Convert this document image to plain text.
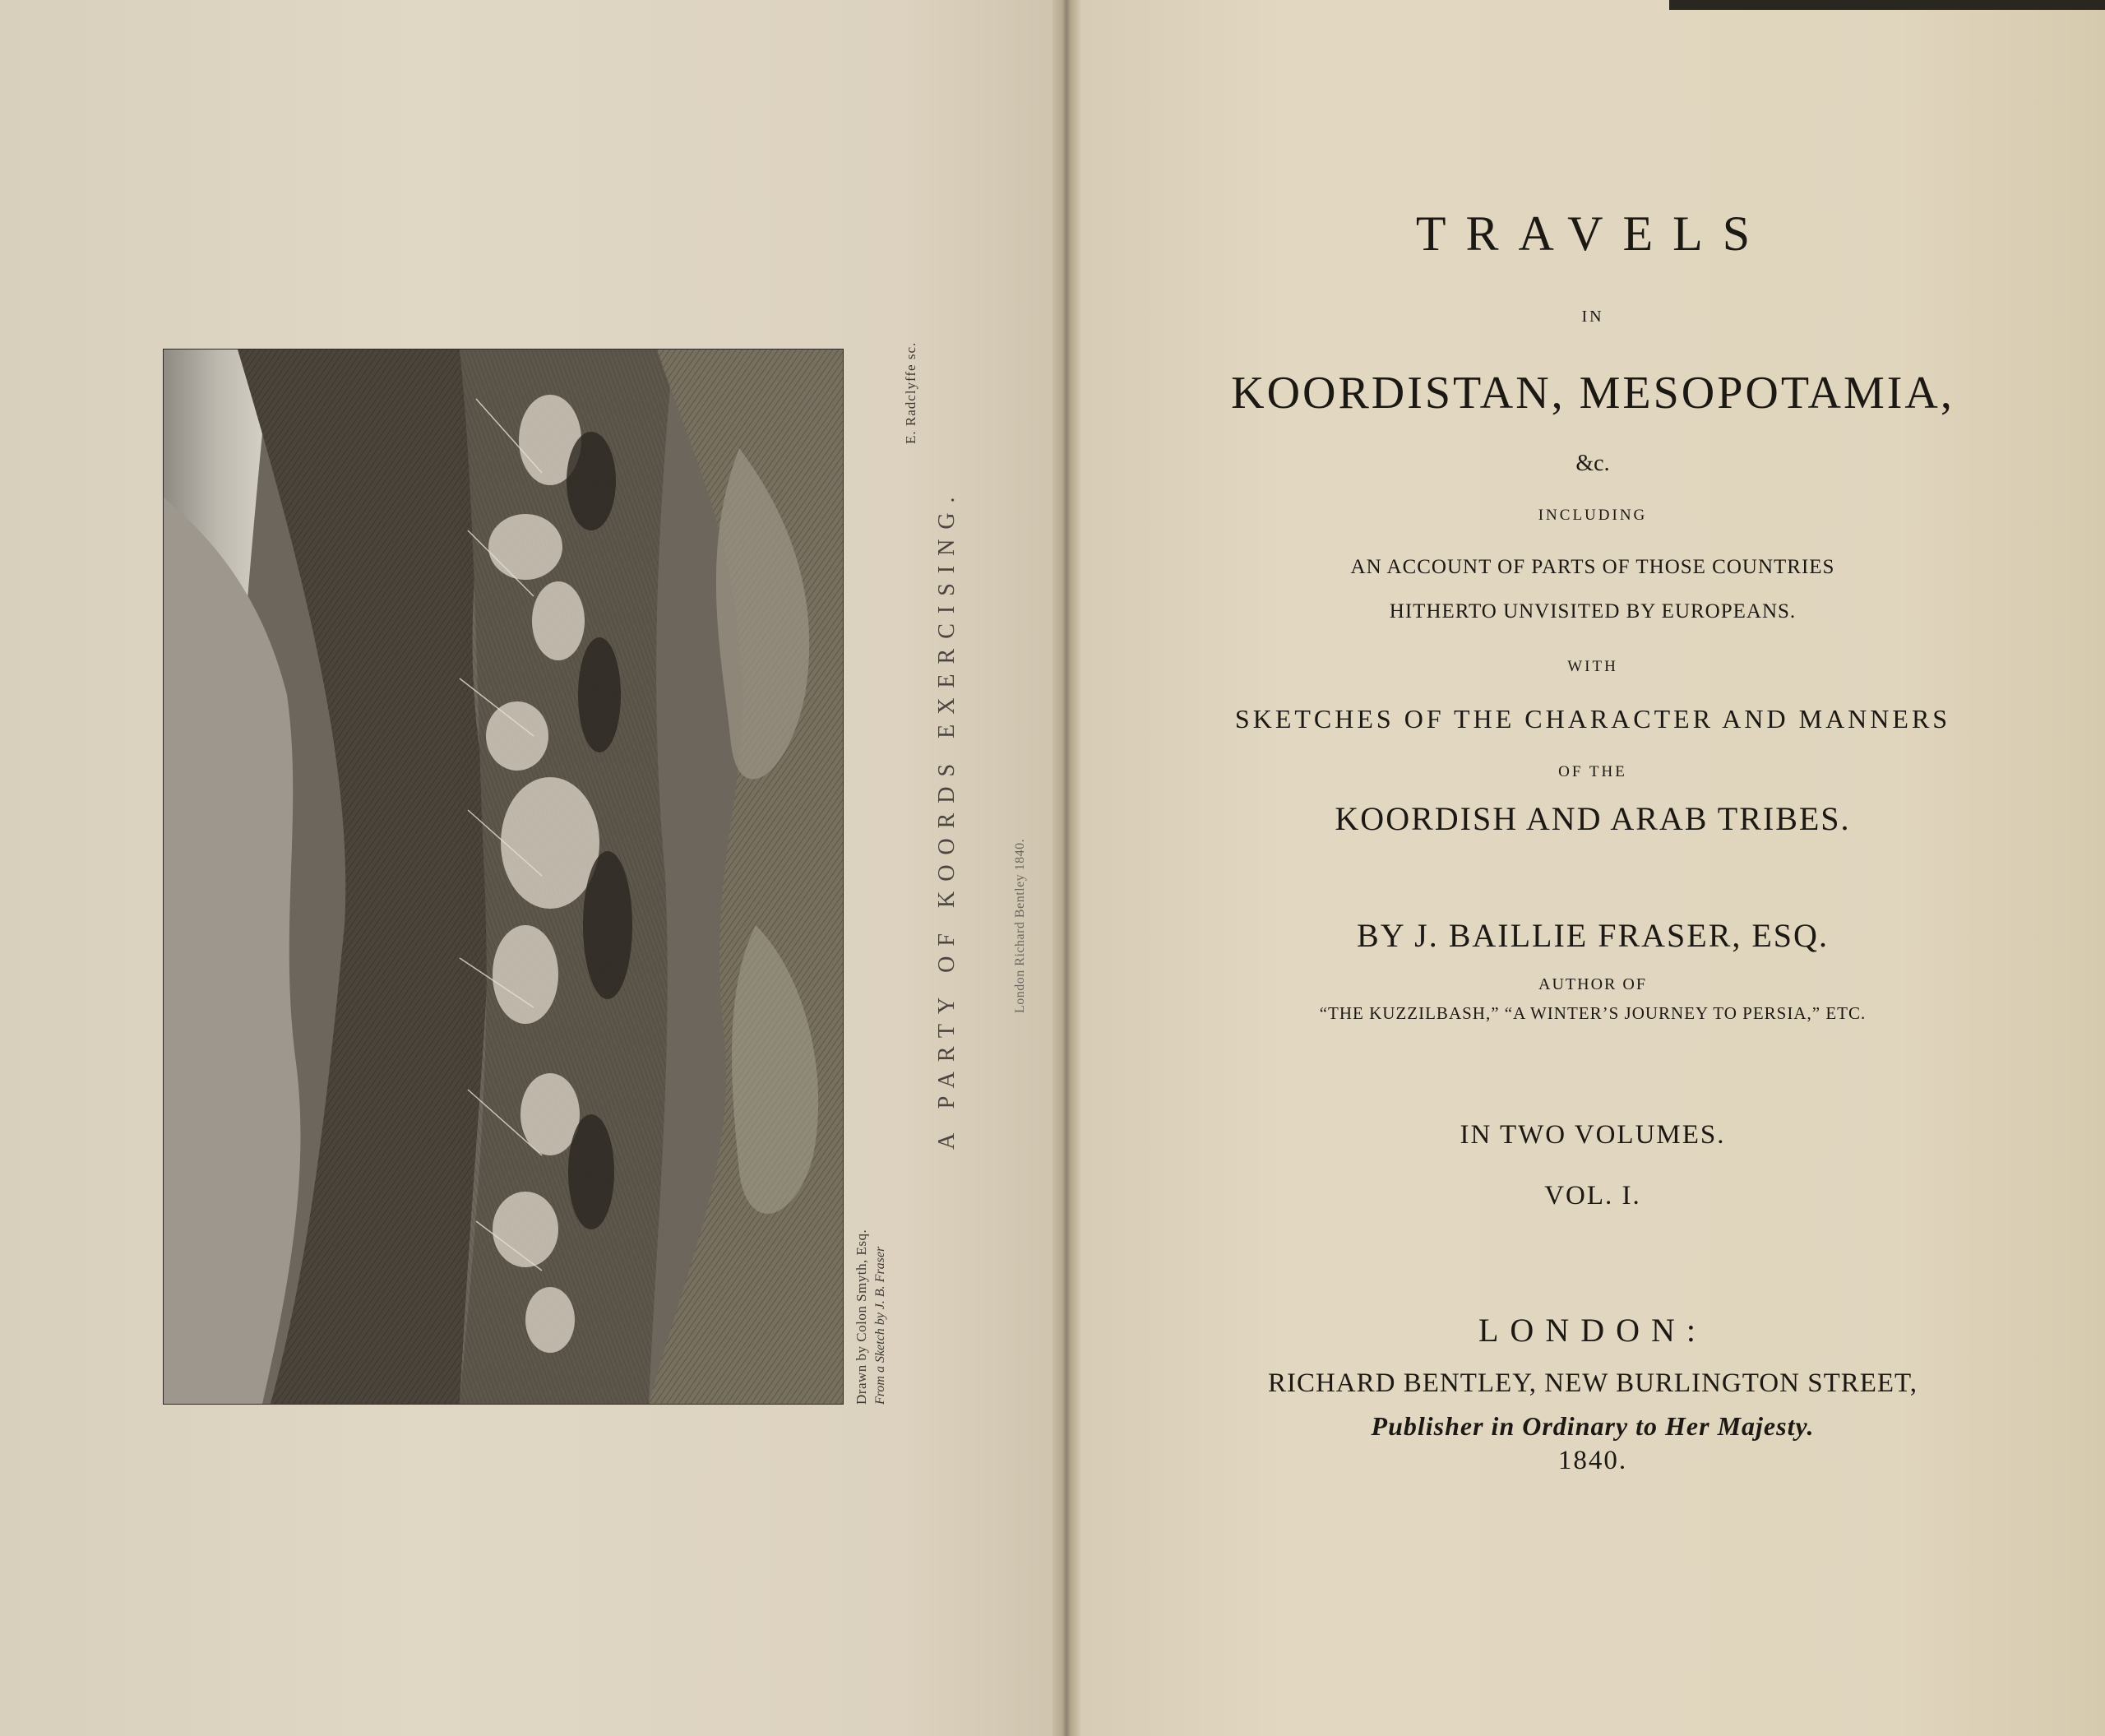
E. Radclyffe sc.
Drawn by Colon Smyth, Esq. From a Sketch by J. B. Fraser
A PARTY OF KOORDS EXERCISING.	London Richard Bentley 1840.
TRAVELS
IN
KOORDISTAN, MESOPOTAMIA,
&c.
INCLUDING
AN ACCOUNT OF PARTS OF THOSE COUNTRIES
HITHERTO UNVISITED BY EUROPEANS.
WITH
SKETCHES OF THE CHARACTER AND MANNERS
OF THE
KOORDISH AND ARAB TRIBES.
BY J. BAILLIE FRASER, ESQ.
AUTHOR OF
“THE KUZZILBASH,” “A WINTER’S JOURNEY TO PERSIA,” ETC.
IN TWO VOLUMES.
VOL. I.
LONDON:
RICHARD BENTLEY, NEW BURLINGTON STREET,
Publisher in Ordinary to Her Majesty.
1840.
